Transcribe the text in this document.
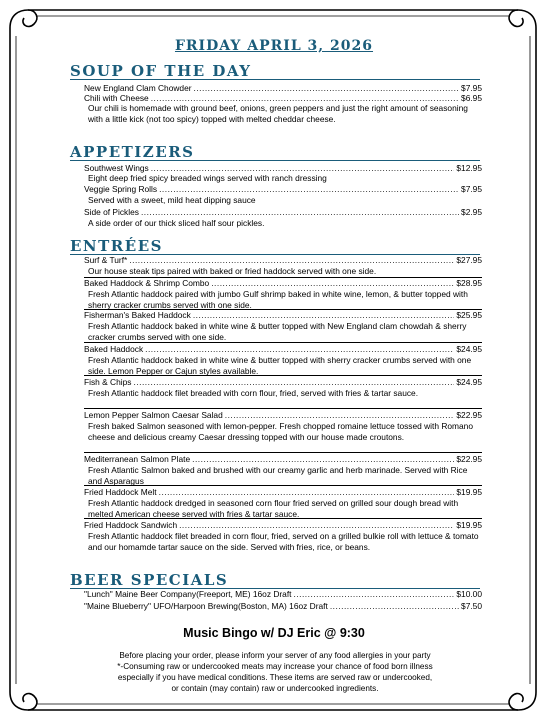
FRIDAY APRIL 3, 2026
SOUP OF THE DAY
New England Clam Chowder .....	$7.95
Chili with Cheese .....	$6.95
Our chili is homemade with ground beef, onions, green peppers and just the right amount of seasoning with a little kick (not too spicy) topped with melted cheddar cheese.
APPETIZERS
Southwest Wings .....	$12.95
Eight deep fried spicy breaded wings served with ranch dressing
Veggie Spring Rolls .....	$7.95
Served with a sweet, mild heat dipping sauce
Side of Pickles .....	$2.95
A side order of our thick sliced half sour pickles.
ENTRÉES
Surf & Turf* .....	$27.95
Our house steak tips paired with baked or fried haddock served with one side.
Baked Haddock & Shrimp Combo .....	$28.95
Fresh Atlantic haddock paired with jumbo Gulf shrimp baked in white wine, lemon, & butter topped with sherry cracker crumbs served with one side.
Fisherman's Baked Haddock .....	$25.95
Fresh Atlantic haddock baked in white wine & butter topped with New England clam chowdah & sherry cracker crumbs served with one side.
Baked Haddock .....	$24.95
Fresh Atlantic haddock baked in white wine & butter topped with sherry cracker crumbs served with one side. Lemon Pepper or Cajun styles available.
Fish & Chips .....	$24.95
Fresh Atlantic haddock filet breaded with corn flour, fried, served with fries & tartar sauce.
Lemon Pepper Salmon Caesar Salad .....	$22.95
Fresh baked Salmon seasoned with lemon-pepper. Fresh chopped romaine lettuce tossed with Romano cheese and delicious creamy Caesar dressing topped with our house made croutons.
Mediterranean Salmon Plate .....	$22.95
Fresh Atlantic Salmon baked and brushed with our creamy garlic and herb marinade. Served with Rice and Asparagus
Fried Haddock Melt .....	$19.95
Fresh Atlantic haddock dredged in seasoned corn flour fried served on grilled sour dough bread with melted American cheese served with fries & tartar sauce.
Fried Haddock Sandwich .....	$19.95
Fresh Atlantic haddock filet breaded in corn flour, fried, served on a grilled bulkie roll with lettuce & tomato and our homamde tartar sauce on the side. Served with fries, rice, or beans.
BEER SPECIALS
"Lunch" Maine Beer Company(Freeport, ME) 16oz Draft .....	$10.00
"Maine Blueberry" UFO/Harpoon Brewing(Boston, MA) 16oz Draft .....	$7.50
Music Bingo w/ DJ Eric @ 9:30
Before placing your order, please inform your server of any food allergies in your party
*-Consuming raw or undercooked meats may increase your chance of food born illness
especially if you have medical conditions. These items are served raw or undercooked,
or contain (may contain) raw or undercooked ingredients.
